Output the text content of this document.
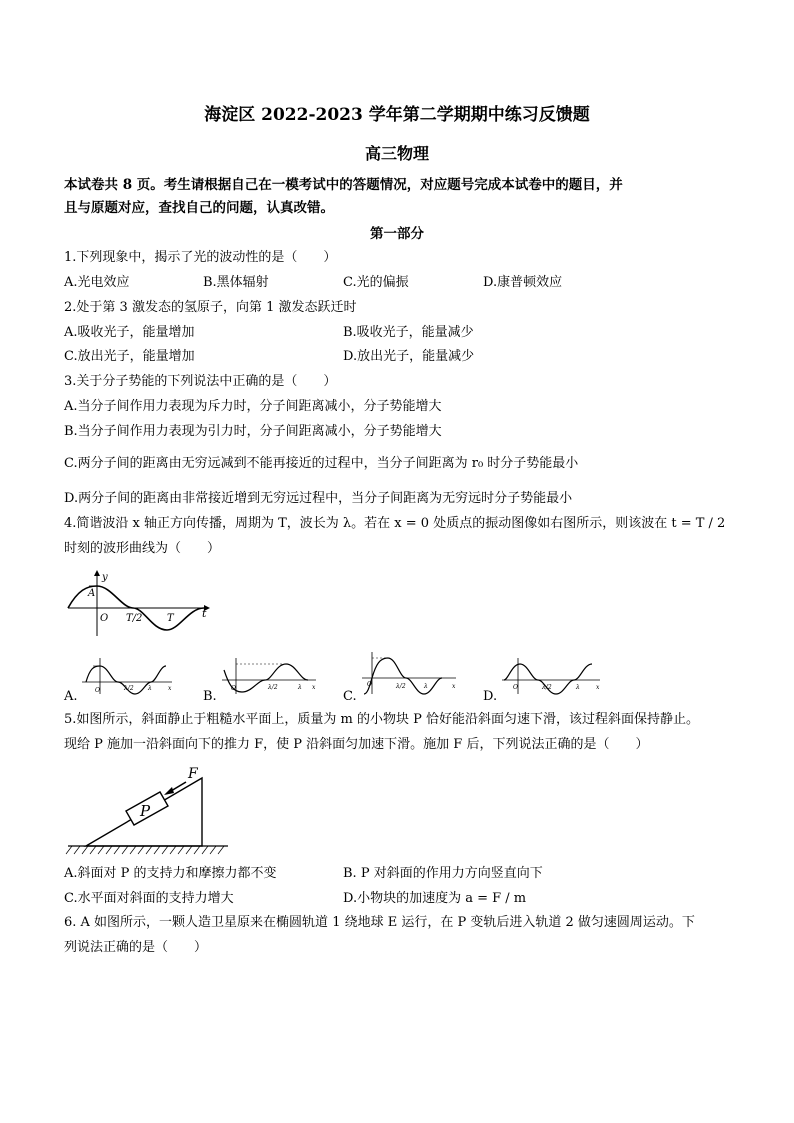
海淀区 2022-2023 学年第二学期期中练习反馈题
高三物理
本试卷共 8 页。考生请根据自己在一模考试中的答题情况，对应题号完成本试卷中的题目，并
且与原题对应，查找自己的问题，认真改错。
第一部分
1.下列现象中，揭示了光的波动性的是（　　）
A.光电效应	B.黑体辐射	C.光的偏振	D.康普顿效应
2.处于第 3 激发态的氢原子，向第 1 激发态跃迁时
A.吸收光子，能量增加	B.吸收光子，能量减少
C.放出光子，能量增加	D.放出光子，能量减少
3.关于分子势能的下列说法中正确的是（　　）
A.当分子间作用力表现为斥力时，分子间距离减小，分子势能增大
B.当分子间作用力表现为引力时，分子间距离减小，分子势能增大
C.两分子间的距离由无穷远减到不能再接近的过程中，当分子间距离为 r₀ 时分子势能最小
D.两分子间的距离由非常接近增到无穷远过程中，当分子间距离为无穷远时分子势能最小
4.简谐波沿 x 轴正方向传播，周期为 T，波长为 λ。若在 x = 0 处质点的振动图像如右图所示，则该波在 t = T / 2
时刻的波形曲线为（　　）
y
t
A
O T/2 T
A.	O	λ/2 λ	x
B.
O	λ/2	λ x
C.
O	λ/2	λ	x
D.
O	λ/2	λ	x
5.如图所示，斜面静止于粗糙水平面上，质量为 m 的小物块 P 恰好能沿斜面匀速下滑，该过程斜面保持静止。
现给 P 施加一沿斜面向下的推力 F，使 P 沿斜面匀加速下滑。施加 F 后，下列说法正确的是（　　）
P
F
A.斜面对 P 的支持力和摩擦力都不变	B. P 对斜面的作用力方向竖直向下
C.水平面对斜面的支持力增大	D.小物块的加速度为 a = F / m
6. A 如图所示，一颗人造卫星原来在椭圆轨道 1 绕地球 E 运行，在 P 变轨后进入轨道 2 做匀速圆周运动。下
列说法正确的是（　　）
